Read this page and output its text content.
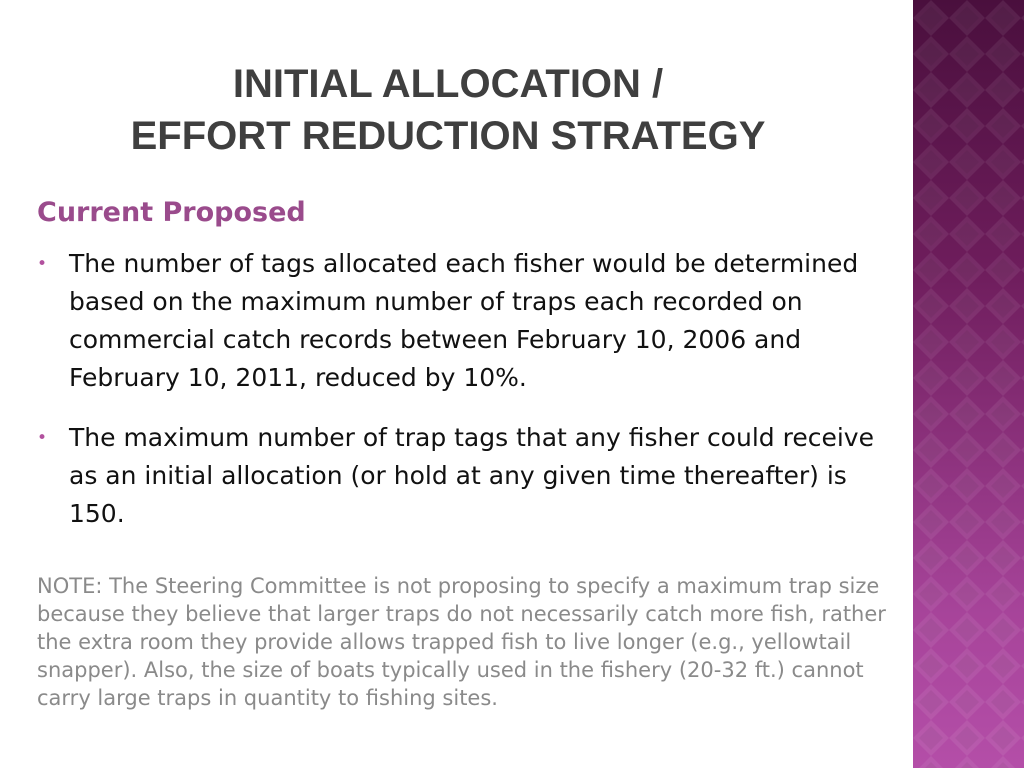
INITIAL ALLOCATION /
EFFORT REDUCTION STRATEGY
Current Proposed
• The number of tags allocated each fisher would be determined based on the maximum number of traps each recorded on commercial catch records between February 10, 2006 and February 10, 2011, reduced by 10%.
• The maximum number of trap tags that any fisher could receive as an initial allocation (or hold at any given time thereafter) is 150.
NOTE: The Steering Committee is not proposing to specify a maximum trap size because they believe that larger traps do not necessarily catch more fish, rather the extra room they provide allows trapped fish to live longer (e.g., yellowtail snapper). Also, the size of boats typically used in the fishery (20-32 ft.) cannot carry large traps in quantity to fishing sites.
